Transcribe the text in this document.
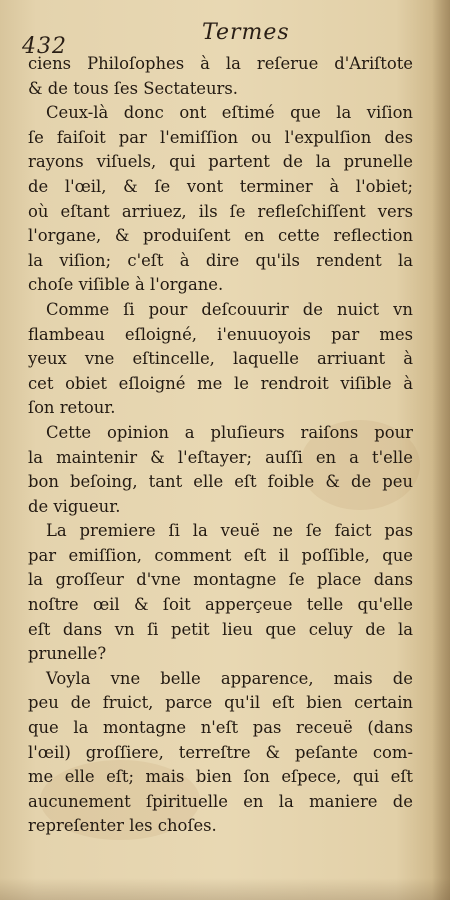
432
Termes
ciens Philoſophes à la reſerue d'Ariſtote
& de tous ſes Sectateurs.
Ceux-là donc ont eſtimé que la viſion
ſe faiſoit par l'emiſſion ou l'expulſion des
rayons viſuels, qui partent de la prunelle
de l'œil, & ſe vont terminer à l'obiet;
où eſtant arriuez, ils ſe refleſchiſſent vers
l'organe, & produiſent en cette reflection
la viſion; c'eſt à dire qu'ils rendent la
choſe viſible à l'organe.
Comme ſi pour deſcouurir de nuict vn
flambeau eſloigné, i'enuuoyois par mes
yeux vne eſtincelle, laquelle arriuant à
cet obiet eſloigné me le rendroit viſible à
ſon retour.
Cette opinion a pluſieurs raiſons pour
la maintenir & l'eſtayer; auſſi en a t'elle
bon beſoing, tant elle eſt foible & de peu
de vigueur.
La premiere ſi la veuë ne ſe faict pas
par emiſſion, comment eſt il poſſible, que
la groſſeur d'vne montagne ſe place dans
noſtre œil & ſoit apperçeue telle qu'elle
eſt dans vn ſi petit lieu que celuy de la
prunelle?
Voyla vne belle apparence, mais de
peu de fruict, parce qu'il eſt bien certain
que la montagne n'eſt pas receuë (dans
l'œil) groſſiere, terreſtre & peſante com-
me elle eſt; mais bien ſon eſpece, qui eſt
aucunement ſpirituelle en la maniere de
repreſenter les choſes.
